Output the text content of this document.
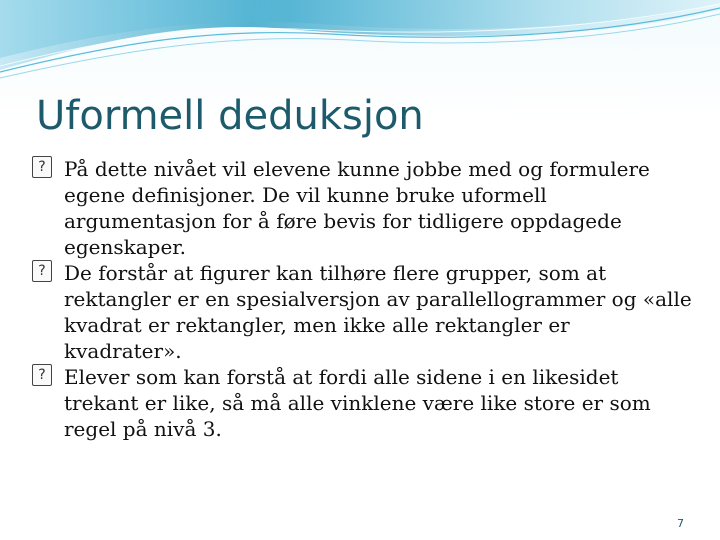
Uformell deduksjon

? På dette nivået vil elevene kunne jobbe med og formulere egene definisjoner. De vil kunne bruke uformell argumentasjon for å føre bevis for tidligere oppdagede egenskaper.

? De forstår at figurer kan tilhøre flere grupper, som at rektangler er en spesialversjon av parallellogrammer og «alle kvadrat er rektangler, men ikke alle rektangler er kvadrater».

? Elever som kan forstå at fordi alle sidene i en likesidet trekant er like, så må alle vinklene være like store er som regel på nivå 3.

7
